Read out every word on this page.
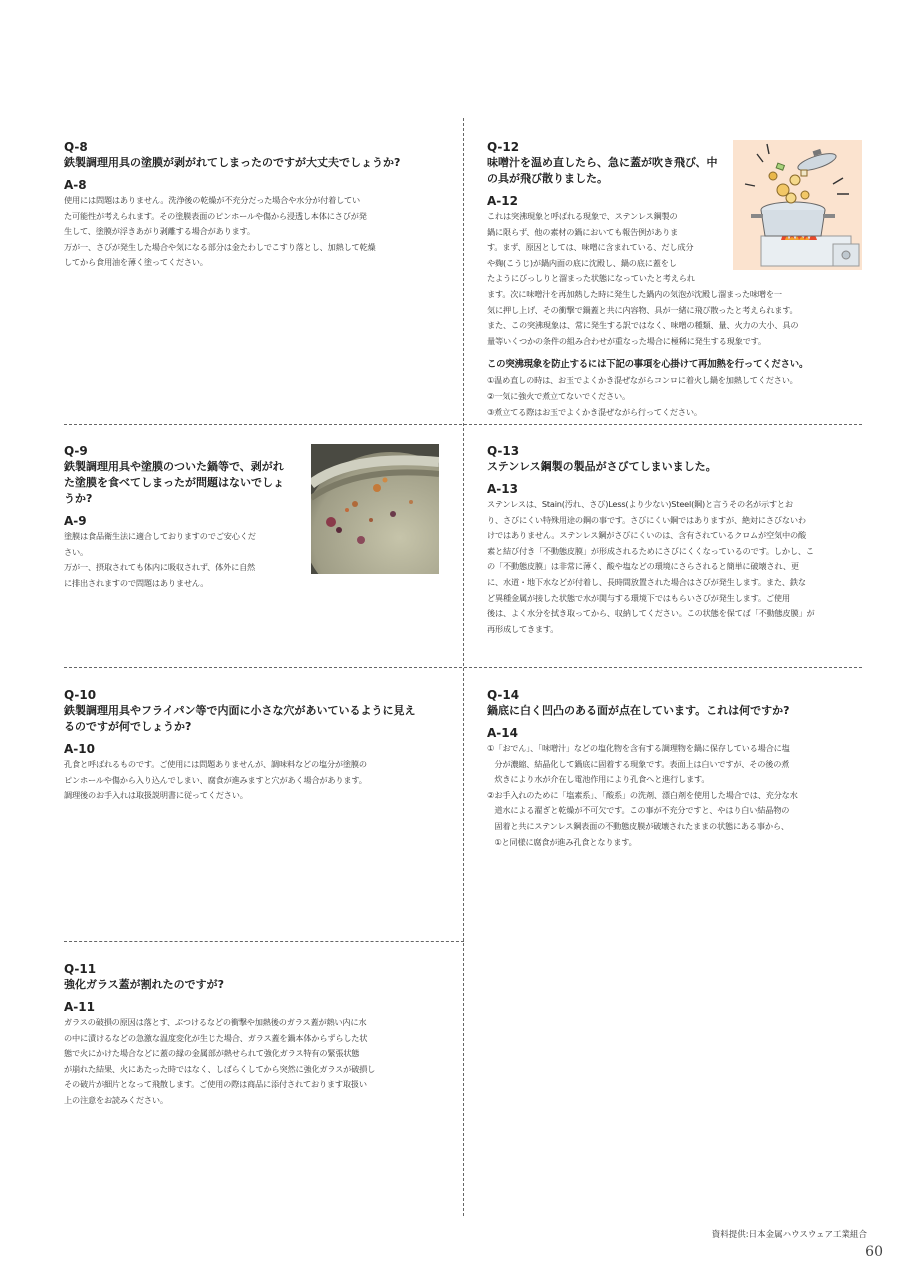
Q-8
鉄製調理用具の塗膜が剥がれてしまったのですが大丈夫でしょうか?
A-8

使用には問題はありません。洗浄後の乾燥が不充分だった場合や水分が付着してい

た可能性が考えられます。その塗膜表面のピンホールや傷から浸透し本体にさびが発

生して、塗膜が浮きあがり剥離する場合があります。

万が一、さびが発生した場合や気になる部分は金たわしでこすり落とし、加熱して乾燥

してから食用油を薄く塗ってください。

Q-12
味噌汁を温め直したら、急に蓋が吹き飛び、中
の具が飛び散りました。
A-12

これは突沸現象と呼ばれる現象で、ステンレス鋼製の

鍋に限らず、他の素材の鍋においても報告例がありま

す。まず、原因としては、味噌に含まれている、だし成分

や麹(こうじ)が鍋内面の底に沈殿し、鍋の底に蓋をし

たようにびっしりと溜まった状態になっていたと考えられ

ます。次に味噌汁を再加熱した時に発生した鍋内の気泡が沈殿し溜まった味噌を一

気に押し上げ、その衝撃で鍋蓋と共に内容物、具が一緒に飛び散ったと考えられます。

また、この突沸現象は、常に発生する訳ではなく、味噌の種類、量、火力の大小、具の

量等いくつかの条件の組み合わせが重なった場合に極稀に発生する現象です。

この突沸現象を防止するには下記の事項を心掛けて再加熱を行ってください。

①温め直しの時は、お玉でよくかき混ぜながらコンロに着火し鍋を加熱してください。

②一気に強火で煮立てないでください。

③煮立てる際はお玉でよくかき混ぜながら行ってください。

Q-9
鉄製調理用具や塗膜のついた鍋等で、剥がれ
た塗膜を食べてしまったが問題はないでしょ
うか?
A-9

塗膜は食品衛生法に適合しておりますのでご安心くだ

さい。

万が一、摂取されても体内に吸収されず、体外に自然

に排出されますので問題はありません。

Q-13
ステンレス鋼製の製品がさびてしまいました。
A-13

ステンレスは、Stain(汚れ、さび)Less(より少ない)Steel(鋼)と言うその名が示すとお

り、さびにくい特殊用途の鋼の事です。さびにくい鋼ではありますが、絶対にさびないわ

けではありません。ステンレス鋼がさびにくいのは、含有されているクロムが空気中の酸

素と結び付き「不動態皮膜」が形成されるためにさびにくくなっているのです。しかし、こ

の「不動態皮膜」は非常に薄く、酸や塩などの環境にさらされると簡単に破壊され、更

に、水道・地下水などが付着し、長時間放置された場合はさびが発生します。また、鉄な

ど異種金属が接した状態で水が関与する環境下ではもらいさびが発生します。ご使用

後は、よく水分を拭き取ってから、収納してください。この状態を保てば「不動態皮膜」が

再形成してきます。

Q-10
鉄製調理用具やフライパン等で内面に小さな穴があいているように見え
るのですが何でしょうか?
A-10

孔食と呼ばれるものです。ご使用には問題ありませんが、調味料などの塩分が塗膜の

ピンホールや傷から入り込んでしまい、腐食が進みますと穴があく場合があります。

調理後のお手入れは取扱説明書に従ってください。

Q-14
鍋底に白く凹凸のある面が点在しています。これは何ですか?
A-14
① 「おでん」、「味噌汁」などの塩化物を含有する調理物を鍋に保存している場合に塩

分が濃縮、結晶化して鍋底に固着する現象です。表面上は白いですが、その後の煮

炊きにより水が介在し電池作用により孔食へと進行します。

② お手入れのために「塩素系」、「酸系」の洗剤、漂白剤を使用した場合では、充分な水

道水による濯ぎと乾燥が不可欠です。この事が不充分ですと、やはり白い結晶物の

固着と共にステンレス鋼表面の不動態皮膜が破壊されたままの状態にある事から、

①と同様に腐食が進み孔食となります。

Q-11
強化ガラス蓋が割れたのですが?
A-11

ガラスの破損の原因は落とす、ぶつけるなどの衝撃や加熱後のガラス蓋が熱い内に水

の中に漬けるなどの急激な温度変化が生じた場合、ガラス蓋を鍋本体からずらした状

態で火にかけた場合などに蓋の縁の金属部が熱せられて強化ガラス特有の緊張状態

が崩れた結果、火にあたった時ではなく、しばらくしてから突然に強化ガラスが破損し

その破片が細片となって飛散します。ご使用の際は商品に添付されております取扱い

上の注意をお読みください。

資料提供:日本金属ハウスウェア工業組合
60
